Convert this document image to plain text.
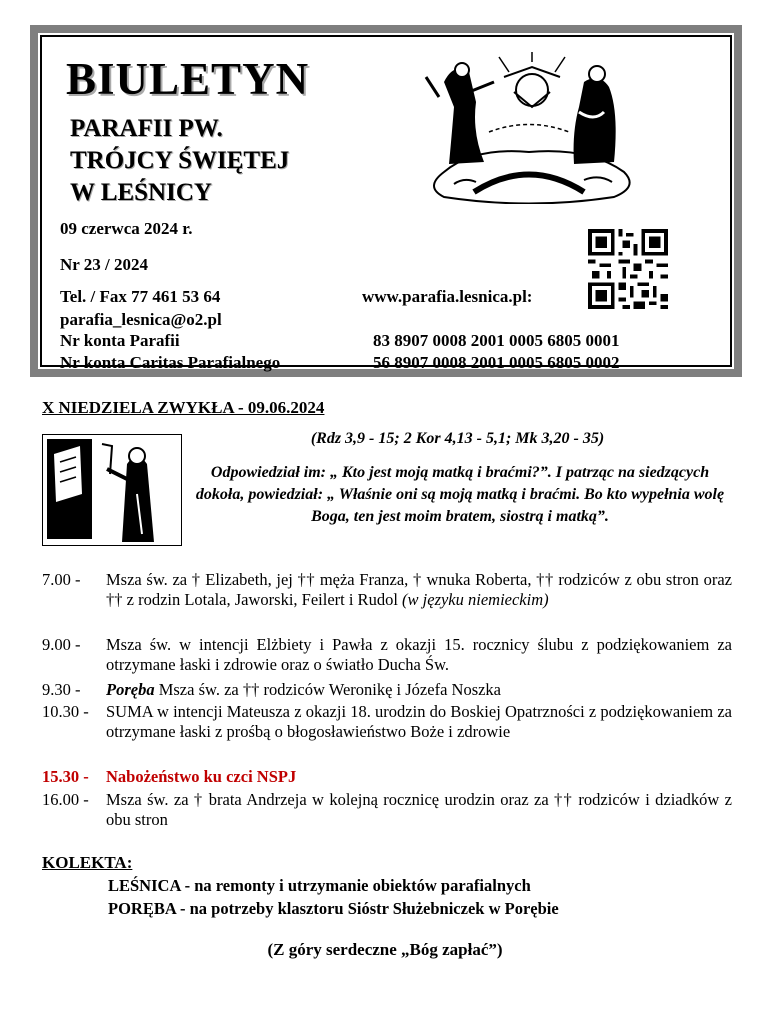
BIULETYN
PARAFII PW.
TRÓJCY ŚWIĘTEJ
W LEŚNICY
09 czerwca 2024 r.
Nr 23 / 2024
Tel. / Fax 77 461 53 64	www.parafia.lesnica.pl:
parafia_lesnica@o2.pl
Nr konta Parafii	83 8907 0008 2001 0005 6805 0001
Nr konta Caritas Parafialnego	56 8907 0008 2001 0005 6805 0002
X NIEDZIELA ZWYKŁA - 09.06.2024
(Rdz 3,9 - 15; 2 Kor 4,13 - 5,1; Mk 3,20 - 35)
Odpowiedział im: „ Kto jest moją matką i braćmi?”. I patrząc na siedzących dokoła, powiedział: „ Właśnie oni są moją matką i braćmi. Bo kto wypełnia wolę Boga, ten jest moim bratem, siostrą i matką”.
7.00 - Msza św. za † Elizabeth, jej †† męża Franza, † wnuka Roberta, †† rodziców z obu stron oraz †† z rodzin Lotala, Jaworski, Feilert i Rudol (w języku niemieckim)
9.00 - Msza św. w intencji Elżbiety i Pawła z okazji 15. rocznicy ślubu z podziękowaniem za otrzymane łaski i zdrowie oraz o światło Ducha Św.
9.30 - Poręba Msza św. za †† rodziców Weronikę i Józefa Noszka
10.30 - SUMA w intencji Mateusza z okazji 18. urodzin do Boskiej Opatrzności z podziękowaniem za otrzymane łaski z prośbą o błogosławieństwo Boże i zdrowie
15.30 - Nabożeństwo ku czci NSPJ
16.00 - Msza św. za † brata Andrzeja w kolejną rocznicę urodzin oraz za †† rodziców i dziadków z obu stron
KOLEKTA:
LEŚNICA - na remonty i utrzymanie obiektów parafialnych
PORĘBA - na potrzeby klasztoru Sióstr Służebniczek w Porębie
(Z góry serdeczne „Bóg zapłać”)
